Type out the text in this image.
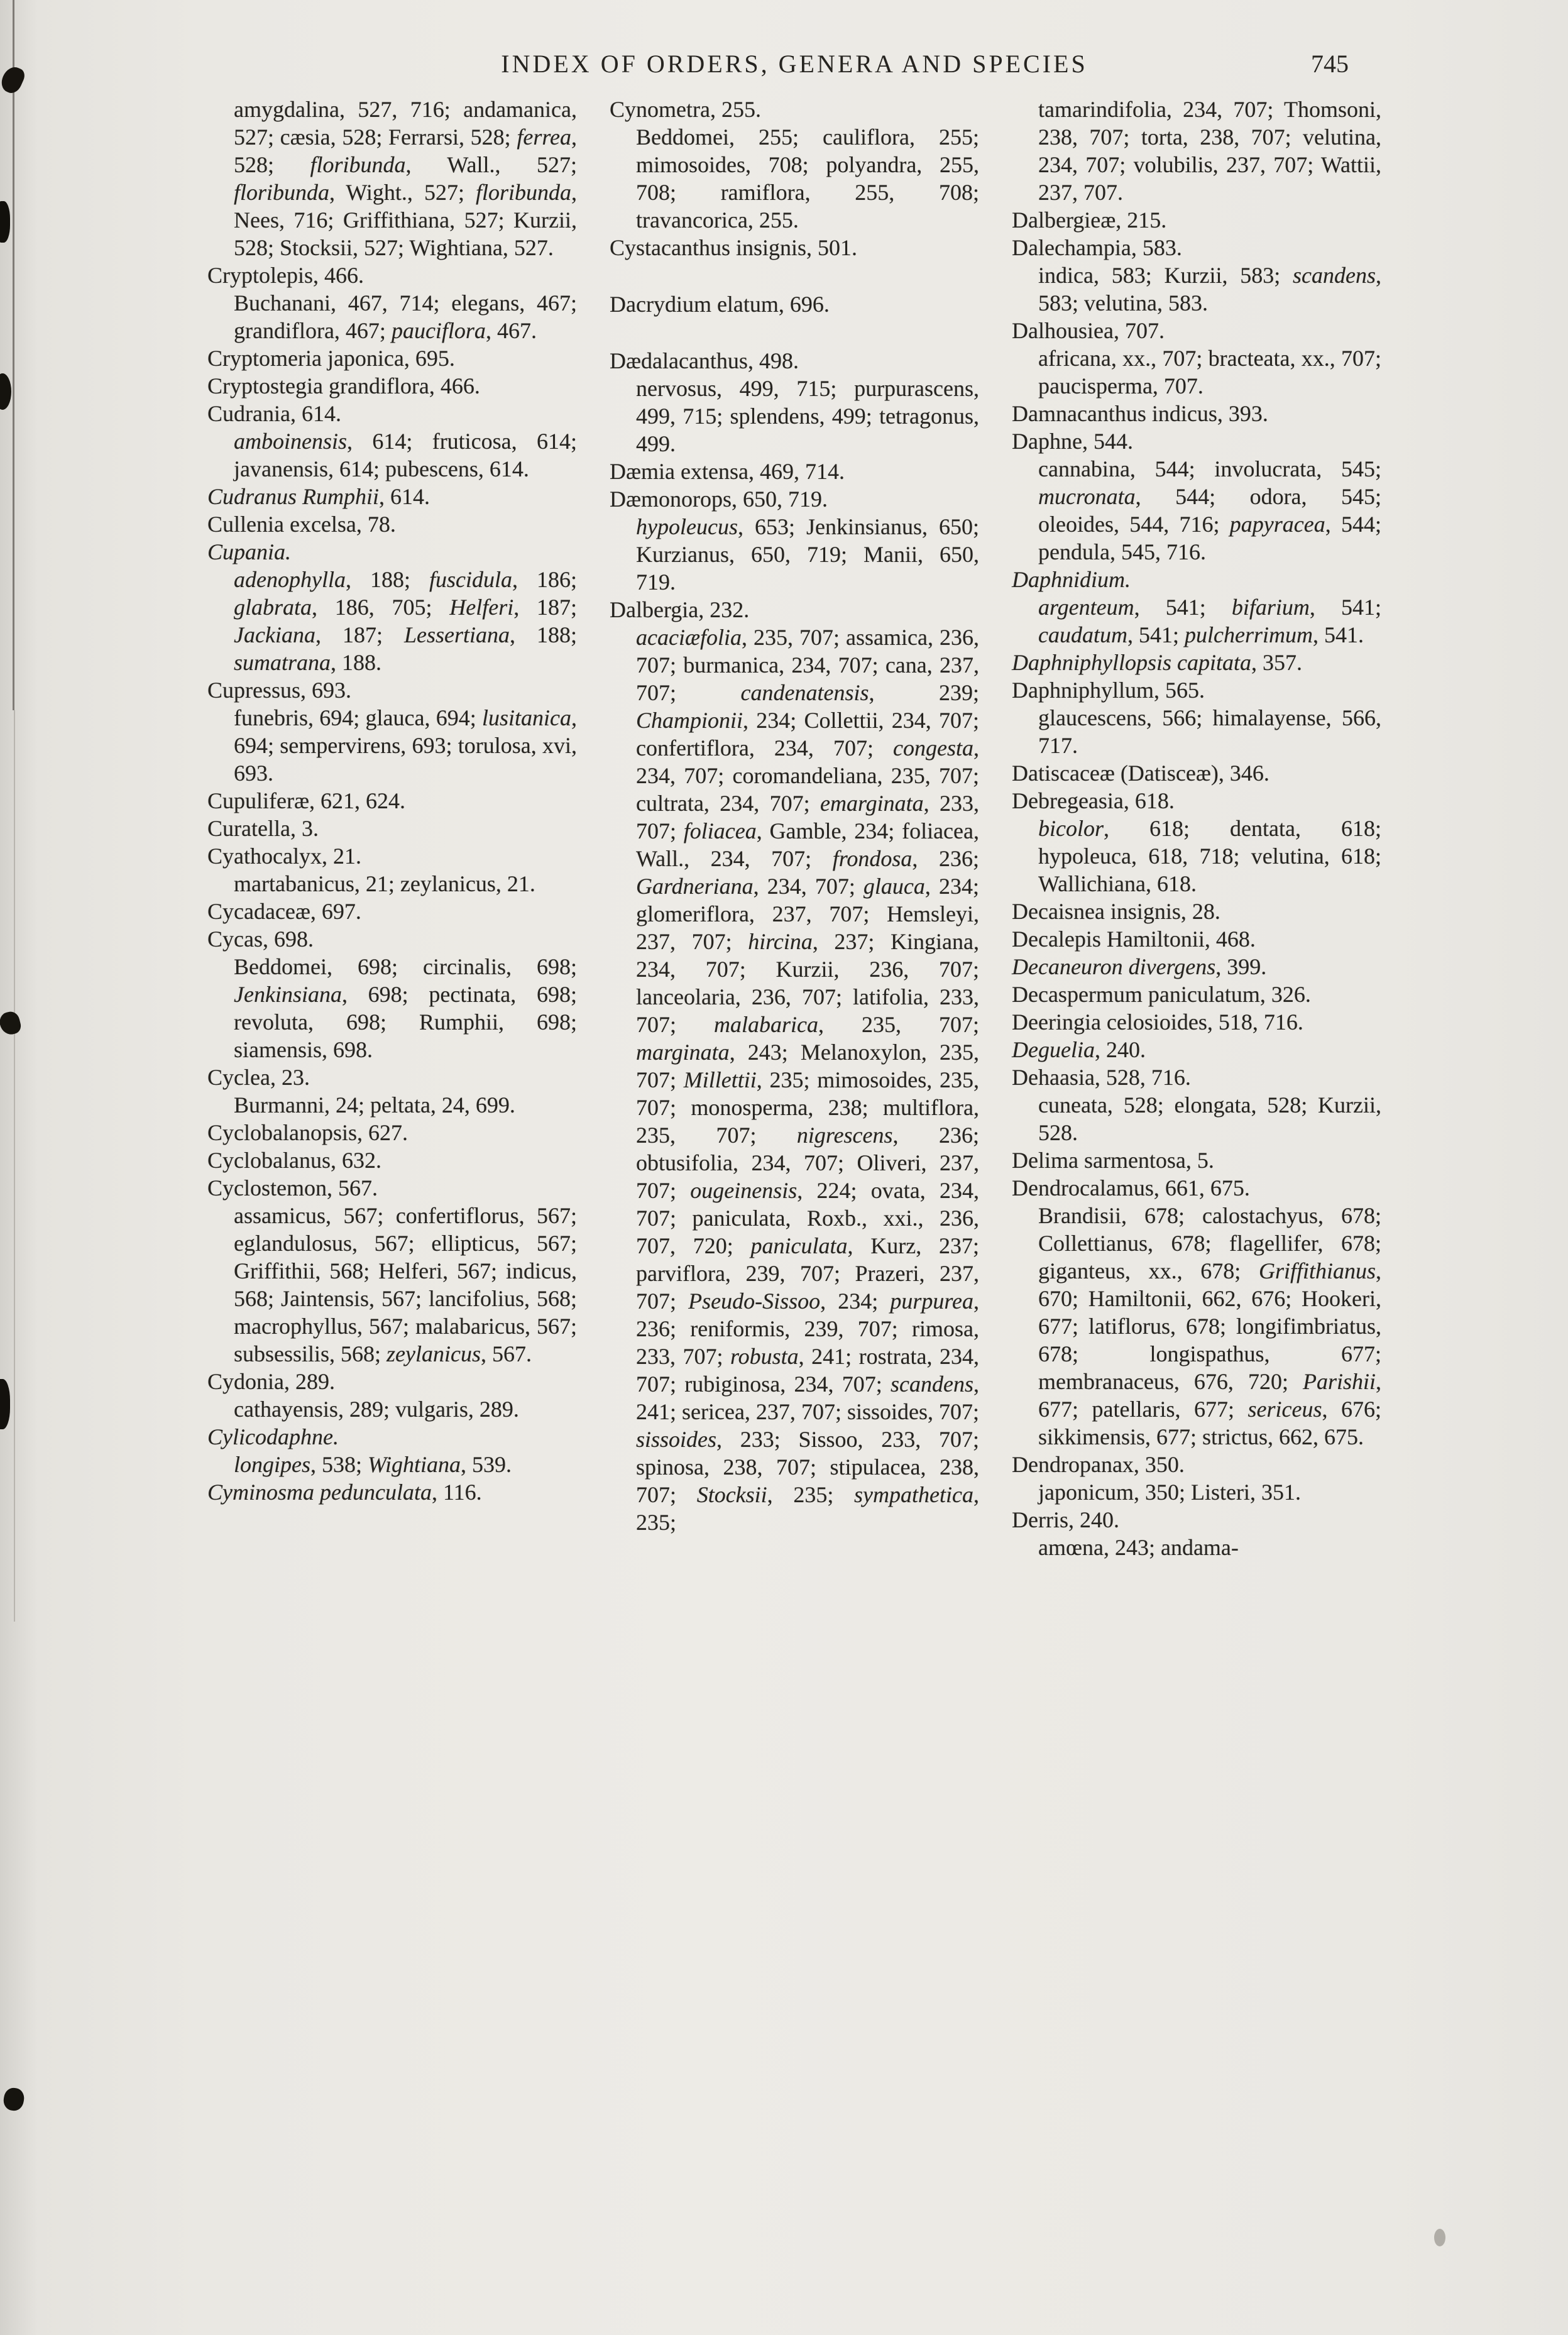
INDEX OF ORDERS, GENERA AND SPECIES	745

amygdalina, 527, 716; andamanica, 527; cæsia, 528; Ferrarsi, 528; ferrea, 528; floribunda, Wall., 527; floribunda, Wight., 527; floribunda, Nees, 716; Griffithiana, 527; Kurzii, 528; Stocksii, 527; Wightiana, 527.

Cryptolepis, 466.

Buchanani, 467, 714; elegans, 467; grandiflora, 467; pauciflora, 467.

Cryptomeria japonica, 695.

Cryptostegia grandiflora, 466.

Cudrania, 614.

amboinensis, 614; fruticosa, 614; javanensis, 614; pubescens, 614.

Cudranus Rumphii, 614.

Cullenia excelsa, 78.

Cupania.

adenophylla, 188; fuscidula, 186; glabrata, 186, 705; Helferi, 187; Jackiana, 187; Lessertiana, 188; sumatrana, 188.

Cupressus, 693.

funebris, 694; glauca, 694; lusitanica, 694; sempervirens, 693; torulosa, xvi, 693.

Cupuliferæ, 621, 624.

Curatella, 3.

Cyathocalyx, 21.

martabanicus, 21; zeylanicus, 21.

Cycadaceæ, 697.

Cycas, 698.

Beddomei, 698; circinalis, 698; Jenkinsiana, 698; pectinata, 698; revoluta, 698; Rumphii, 698; siamensis, 698.

Cyclea, 23.

Burmanni, 24; peltata, 24, 699.

Cyclobalanopsis, 627.

Cyclobalanus, 632.

Cyclostemon, 567.

assamicus, 567; confertiflorus, 567; eglandulosus, 567; ellipticus, 567; Griffithii, 568; Helferi, 567; indicus, 568; Jaintensis, 567; lancifolius, 568; macrophyllus, 567; malabaricus, 567; subsessilis, 568; zeylanicus, 567.

Cydonia, 289.

cathayensis, 289; vulgaris, 289.

Cylicodaphne.

longipes, 538; Wightiana, 539.

Cyminosma pedunculata, 116.

Cynometra, 255.

Beddomei, 255; cauliflora, 255; mimosoides, 708; polyandra, 255, 708; ramiflora, 255, 708; travancorica, 255.

Cystacanthus insignis, 501.

Dacrydium elatum, 696.

Dædalacanthus, 498.

nervosus, 499, 715; purpurascens, 499, 715; splendens, 499; tetragonus, 499.

Dæmia extensa, 469, 714.

Dæmonorops, 650, 719.

hypoleucus, 653; Jenkinsianus, 650; Kurzianus, 650, 719; Manii, 650, 719.

Dalbergia, 232.

acaciæfolia, 235, 707; assamica, 236, 707; burmanica, 234, 707; cana, 237, 707; candenatensis, 239; Championii, 234; Collettii, 234, 707; confertiflora, 234, 707; congesta, 234, 707; coromandeliana, 235, 707; cultrata, 234, 707; emarginata, 233, 707; foliacea, Gamble, 234; foliacea, Wall., 234, 707; frondosa, 236; Gardneriana, 234, 707; glauca, 234; glomeriflora, 237, 707; Hemsleyi, 237, 707; hircina, 237; Kingiana, 234, 707; Kurzii, 236, 707; lanceolaria, 236, 707; latifolia, 233, 707; malabarica, 235, 707; marginata, 243; Melanoxylon, 235, 707; Millettii, 235; mimosoides, 235, 707; monosperma, 238; multiflora, 235, 707; nigrescens, 236; obtusifolia, 234, 707; Oliveri, 237, 707; ougeinensis, 224; ovata, 234, 707; paniculata, Roxb., xxi., 236, 707, 720; paniculata, Kurz, 237; parviflora, 239, 707; Prazeri, 237, 707; Pseudo-Sissoo, 234; purpurea, 236; reniformis, 239, 707; rimosa, 233, 707; robusta, 241; rostrata, 234, 707; rubiginosa, 234, 707; scandens, 241; sericea, 237, 707; sissoides, 707; sissoides, 233; Sissoo, 233, 707; spinosa, 238, 707; stipulacea, 238, 707; Stocksii, 235; sympathetica, 235;

tamarindifolia, 234, 707; Thomsoni, 238, 707; torta, 238, 707; velutina, 234, 707; volubilis, 237, 707; Wattii, 237, 707.

Dalbergieæ, 215.

Dalechampia, 583.

indica, 583; Kurzii, 583; scandens, 583; velutina, 583.

Dalhousiea, 707.

africana, xx., 707; bracteata, xx., 707; paucisperma, 707.

Damnacanthus indicus, 393.

Daphne, 544.

cannabina, 544; involucrata, 545; mucronata, 544; odora, 545; oleoides, 544, 716; papyracea, 544; pendula, 545, 716.

Daphnidium.

argenteum, 541; bifarium, 541; caudatum, 541; pulcherrimum, 541.

Daphniphyllopsis capitata, 357.

Daphniphyllum, 565.

glaucescens, 566; himalayense, 566, 717.

Datiscaceæ (Datisceæ), 346.

Debregeasia, 618.

bicolor, 618; dentata, 618; hypoleuca, 618, 718; velutina, 618; Wallichiana, 618.

Decaisnea insignis, 28.

Decalepis Hamiltonii, 468.

Decaneuron divergens, 399.

Decaspermum paniculatum, 326.

Deeringia celosioides, 518, 716.

Deguelia, 240.

Dehaasia, 528, 716.

cuneata, 528; elongata, 528; Kurzii, 528.

Delima sarmentosa, 5.

Dendrocalamus, 661, 675.

Brandisii, 678; calostachyus, 678; Collettianus, 678; flagellifer, 678; giganteus, xx., 678; Griffithianus, 670; Hamiltonii, 662, 676; Hookeri, 677; latiflorus, 678; longifimbriatus, 678; longispathus, 677; membranaceus, 676, 720; Parishii, 677; patellaris, 677; sericeus, 676; sikkimensis, 677; strictus, 662, 675.

Dendropanax, 350.

japonicum, 350; Listeri, 351.

Derris, 240.

amœna, 243; andama-
